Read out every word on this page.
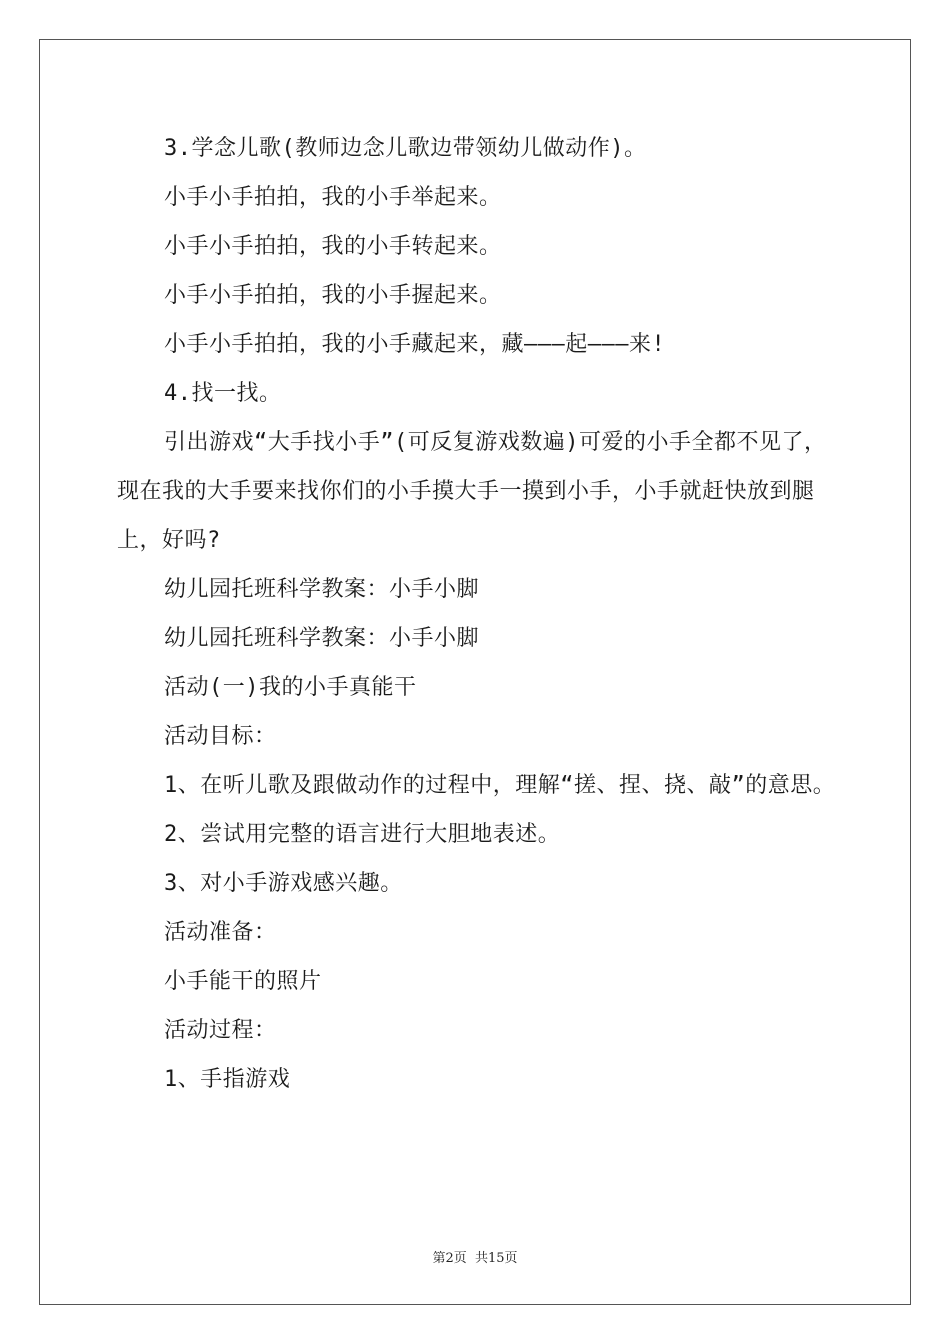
3.学念儿歌(教师边念儿歌边带领幼儿做动作)。

小手小手拍拍，我的小手举起来。

小手小手拍拍，我的小手转起来。

小手小手拍拍，我的小手握起来。

小手小手拍拍，我的小手藏起来，藏———起———来!

4.找一找。

引出游戏“大手找小手”(可反复游戏数遍)可爱的小手全都不见了，现在我的大手要来找你们的小手摸大手一摸到小手，小手就赶快放到腿上，好吗?

幼儿园托班科学教案：小手小脚

幼儿园托班科学教案：小手小脚

活动(一)我的小手真能干

活动目标：

1、在听儿歌及跟做动作的过程中，理解“搓、捏、挠、敲”的意思。

2、尝试用完整的语言进行大胆地表述。

3、对小手游戏感兴趣。

活动准备：

小手能干的照片

活动过程：

1、手指游戏

第2页 共15页
